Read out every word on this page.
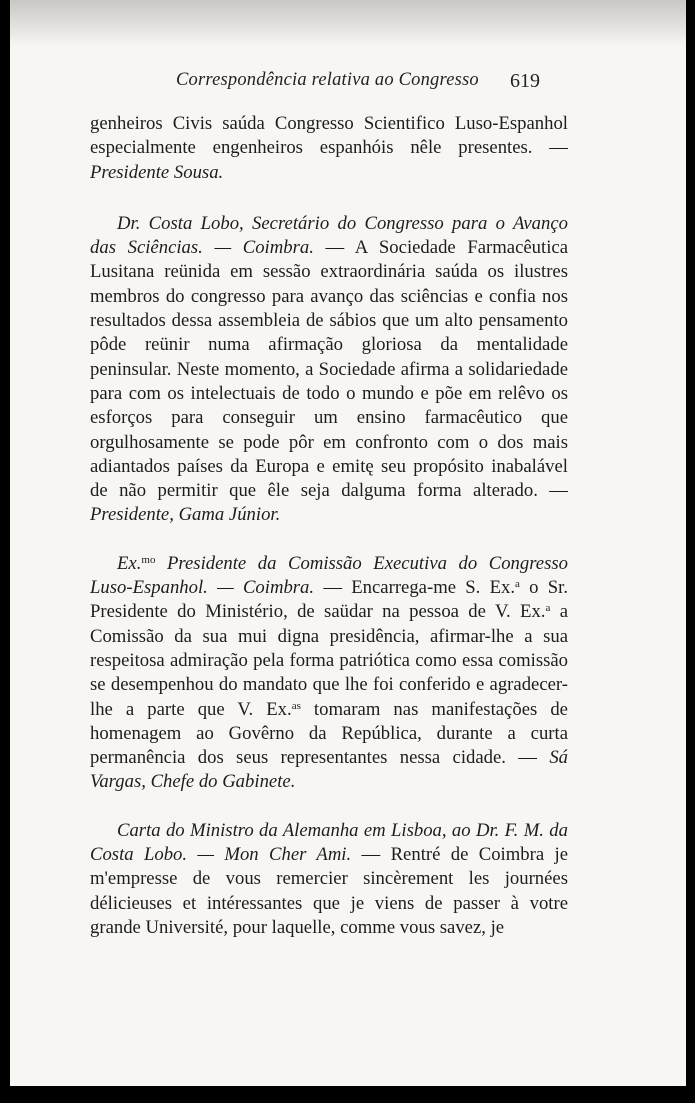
Correspondência relativa ao Congresso 619

genheiros Civis saúda Congresso Scientifico Luso-Espanhol especialmente engenheiros espanhóis nêle presentes. — Presidente Sousa.

Dr. Costa Lobo, Secretário do Congresso para o Avanço das Sciências. — Coimbra. — A Sociedade Farmacêutica Lusitana reünida em sessão extraordinária saúda os ilustres membros do congresso para avanço das sciências e confia nos resultados dessa assembleia de sábios que um alto pensamento pôde reünir numa afirmação gloriosa da mentalidade peninsular. Neste momento, a Sociedade afirma a solidariedade para com os intelectuais de todo o mundo e põe em relêvo os esforços para conseguir um ensino farmacêutico que orgulhosamente se pode pôr em confronto com o dos mais adiantados países da Europa e emitę seu propósito inabalável de não permitir que êle seja dalguma forma alterado. —Presidente, Gama Júnior.

Ex.$^{mo}$ Presidente da Comissão Executiva do Congresso Luso-Espanhol. — Coimbra. — Encarrega-me S. Ex.$^a$ o Sr. Presidente do Ministério, de saüdar na pessoa de V. Ex.$^a$ a Comissão da sua mui digna presidência, afirmar-lhe a sua respeitosa admiração pela forma patriótica como essa comissão se desempenhou do mandato que lhe foi conferido e agradecer-lhe a parte que V. Ex.$^{as}$ tomaram nas manifestações de homenagem ao Govêrno da República, durante a curta permanência dos seus representantes nessa cidade. — Sá Vargas, Chefe do Gabinete.

Carta do Ministro da Alemanha em Lisboa, ao Dr. F. M. da Costa Lobo. — Mon Cher Ami. — Rentré de Coimbra je m'empresse de vous remercier sincèrement les journées délicieuses et intéressantes que je viens de passer à votre grande Université, pour laquelle, comme vous savez, je
